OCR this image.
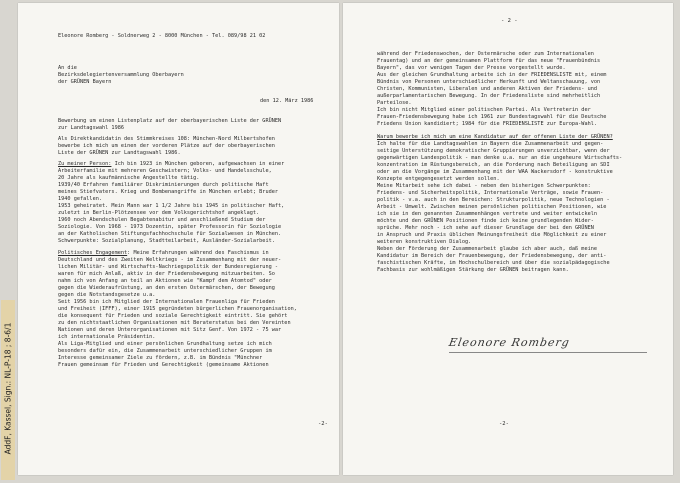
AddF, Kassel, Sign.: NL-P-18 ; 8-6/1
Eleonore Romberg - Soldnerweg 2 - 8000 München - Tel. 089/98 21 02
An die
Bezirksdelegiertenversammlung Oberbayern
der GRÜNEN Bayern
den 12. März 1986
Bewerbung um einen Listenplatz auf der oberbayerischen Liste der GRÜNEN
zur Landtagswahl 1986
Als Direktkandidatin des Stimmkreises 108: München-Nord Milbertshofen
bewerbe ich mich um einen der vorderen Plätze auf der oberbayerischen
Liste der GRÜNEN zur Landtagswahl 1986.
Zu meiner Person: Ich bin 1923 in München geboren, aufgewachsen in einer
Arbeiterfamilie mit mehreren Geschwistern; Volks- und Handelsschule,
20 Jahre als kaufmännische Angestellte tätig.
1939/40 Erfahren familiärer Diskriminierungen durch politische Haft
meines Stiefvaters. Krieg und Bombenangriffe in München erlebt; Bruder
1940 gefallen.
1953 geheiratet. Mein Mann war 1 1/2 Jahre bis 1945 in politischer Haft,
zuletzt in Berlin-Plötzensee vor dem Volksgerichtshof angeklagt.
1960 noch Abendschulen Begabtenabitur und anschließend Studium der
Soziologie. Von 1968 - 1973 Dozentin, später Professorin für Soziologie
an der Katholischen Stiftungsfachhochschule für Sozialwesen in München.
Schwerpunkte: Sozialplanung, Stadtteilarbeit, Ausländer-Sozialarbeit.
Politisches Engagement: Meine Erfahrungen während des Faschismus in
Deutschland und des Zweiten Weltkriegs - im Zusammenhang mit der neuer-
lichen Militär- und Wirtschafts-Nachriegspolitik der Bundesregierung -
waren für mich Anlaß, aktiv in der Friedensbewegung mitzuarbeiten. So
nahm ich von Anfang an teil an Aktionen wie "Kampf dem Atomtod" oder
gegen die Wiederaufrüstung, an den ersten Ostermärschen, der Bewegung
gegen die Notstandsgesetze u.a.
Seit 1956 bin ich Mitglied der Internationalen Frauenliga für Frieden
und Freiheit (IFFF), einer 1915 gegründeten bürgerlichen Frauenorganisation,
die konsequent für Frieden und soziale Gerechtigkeit eintritt. Sie gehört
zu den nichtstaatlichen Organisationen mit Beraterstatus bei den Vereinten
Nationen und deren Unterorganisationen mit Sitz Genf. Von 1972 - 75 war
ich internationale Präsidentin.
Als Liga-Mitglied und einer persönlichen Grundhaltung setze ich mich
besonders dafür ein, die Zusammenarbeit unterschiedlicher Gruppen im
Interesse gemeinsamer Ziele zu fördern, z.B. im Bündnis "Münchner
Frauen gemeinsam für Frieden und Gerechtigkeit (gemeinsame Aktionen
-2-
- 2 -
Eleonore Romberg
während der Friedenswochen, der Ostermärsche oder zum Internationalen
Frauentag) und an der gemeinsamen Plattform für das neue "Frauenbündnis
Bayern", das vor wenigen Tagen der Presse vorgestellt wurde.
Aus der gleichen Grundhaltung arbeite ich in der FRIEDENSLISTE mit, einem
Bündnis von Personen unterschiedlicher Herkunft und Weltanschauung, von
Christen, Kommunisten, Liberalen und anderen Aktiven der Friedens- und
außerparlamentarischen Bewegung. In der Friedensliste sind mehrheitlich
Parteilose.
Ich bin nicht Mitglied einer politischen Partei. Als Vertreterin der
Frauen-Friedensbewegung habe ich 1961 zur Bundestagswahl für die Deutsche
Friedens Union kandidiert; 1984 für die FRIEDENSLISTE zur Europa-Wahl.
Warum bewerbe ich mich um eine Kandidatur auf der offenen Liste der GRÜNEN?
Ich halte für die Landtagswahlen in Bayern die Zusammenarbeit und gegen-
seitige Unterstützung demokratischer Gruppierungen unverzichtbar, wenn der
gegenwärtigen Landespolitik - man denke u.a. nur an die ungeheure Wirtschafts-
konzentration im Rüstungsbereich, an die Forderung nach Beteiligung an SDI
oder an die Vorgänge im Zusammenhang mit der WAA Wackersdorf - konstruktive
Konzepte entgegengesetzt werden sollen.
Meine Mitarbeit sehe ich dabei - neben den bisherigen Schwerpunkten:
Friedens- und Sicherheitspolitik, Internationale Verträge, sowie Frauen-
politik - v.a. auch in den Bereichen: Strukturpolitik, neue Technologien -
Arbeit - Umwelt. Zwischen meinen persönlichen politischen Positionen, wie
ich sie in den genannten Zusammenhängen vertrete und weiter entwickeln
möchte und den GRÜNEN Positionen finde ich keine grundlegenden Wider-
sprüche. Mehr noch - ich sehe auf dieser Grundlage der bei den GRÜNEN
in Anspruch und Praxis üblichen Meinungsfreiheit die Möglichkeit zu einer
weiteren konstruktiven Dialog.
Neben der Förderung der Zusammenarbeit glaube ich aber auch, daß meine
Kandidatur im Bereich der Frauenbewegung, der Friedensbewegung, der anti-
faschistischen Kräfte, im Hochschulbereich und über die sozialpädagogische
Fachbasis zur wohlmäßigen Stärkung der GRÜNEN beitragen kann.
-2-
